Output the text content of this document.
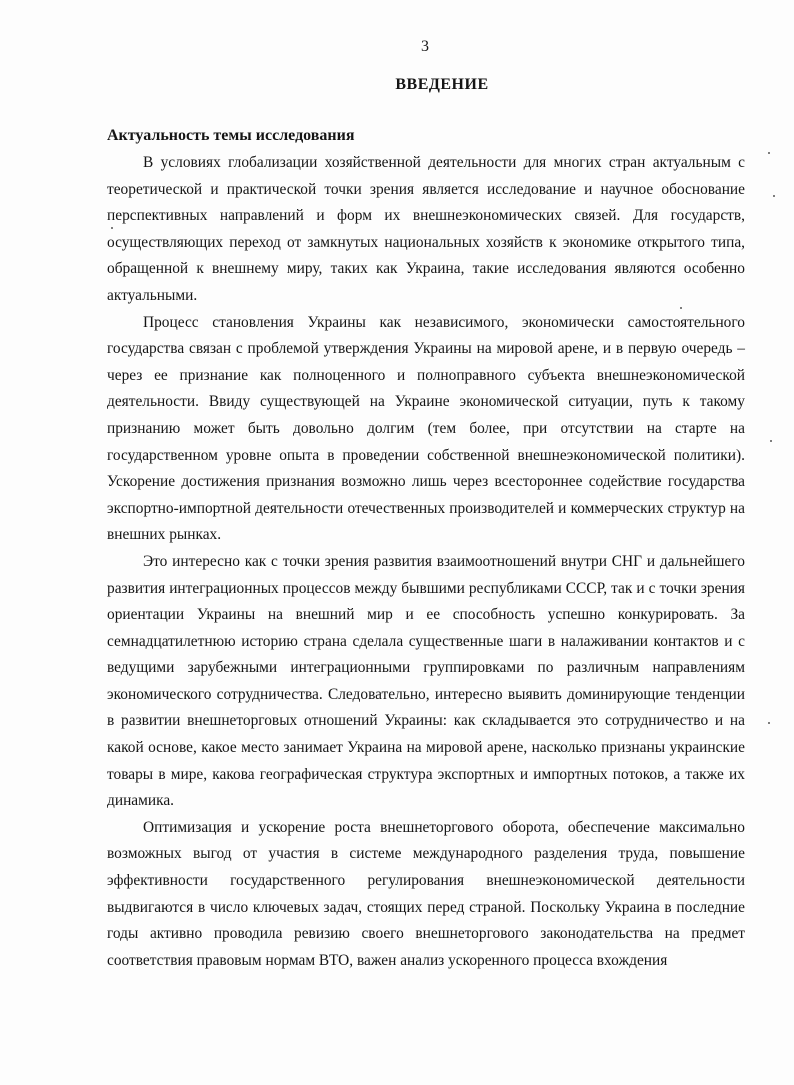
3
ВВЕДЕНИЕ
Актуальность темы исследования

В условиях глобализации хозяйственной деятельности для многих стран актуальным с теоретической и практической точки зрения является исследование и научное обоснование перспективных направлений и форм их внешнеэкономических связей. Для государств, осуществляющих переход от замкнутых национальных хозяйств к экономике открытого типа, обращенной к внешнему миру, таких как Украина, такие исследования являются особенно актуальными.

Процесс становления Украины как независимого, экономически самостоятельного государства связан с проблемой утверждения Украины на мировой арене, и в первую очередь – через ее признание как полноценного и полноправного субъекта внешнеэкономической деятельности. Ввиду существующей на Украине экономической ситуации, путь к такому признанию может быть довольно долгим (тем более, при отсутствии на старте на государственном уровне опыта в проведении собственной внешнеэкономической политики). Ускорение достижения признания возможно лишь через всестороннее содействие государства экспортно-импортной деятельности отечественных производителей и коммерческих структур на внешних рынках.

Это интересно как с точки зрения развития взаимоотношений внутри СНГ и дальнейшего развития интеграционных процессов между бывшими республиками СССР, так и с точки зрения ориентации Украины на внешний мир и ее способность успешно конкурировать. За семнадцатилетнюю историю страна сделала существенные шаги в налаживании контактов и с ведущими зарубежными интеграционными группировками по различным направлениям экономического сотрудничества. Следовательно, интересно выявить доминирующие тенденции в развитии внешнеторговых отношений Украины: как складывается это сотрудничество и на какой основе, какое место занимает Украина на мировой арене, насколько признаны украинские товары в мире, какова географическая структура экспортных и импортных потоков, а также их динамика.

Оптимизация и ускорение роста внешнеторгового оборота, обеспечение максимально возможных выгод от участия в системе международного разделения труда, повышение эффективности государственного регулирования внешнеэкономической деятельности выдвигаются в число ключевых задач, стоящих перед страной. Поскольку Украина в последние годы активно проводила ревизию своего внешнеторгового законодательства на предмет соответствия правовым нормам ВТО, важен анализ ускоренного процесса вхождения
